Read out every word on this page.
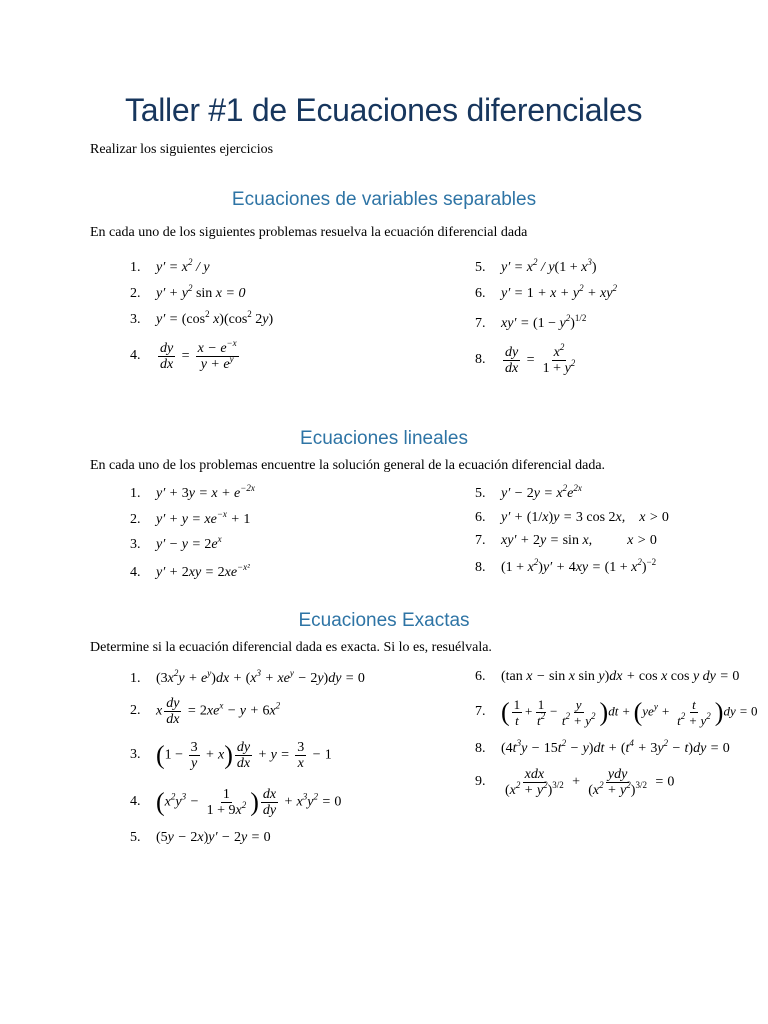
Taller #1 de Ecuaciones diferenciales
Realizar los siguientes ejercicios
Ecuaciones de variables separables
En cada uno de los siguientes problemas resuelva la ecuación diferencial dada
1.	$y' = x^2 / y$
2.	$y' + y^2$ sin x = 0
3.	$y' = (\cos^2$ $x)(\cos^2$ 2y)
4.	$\frac{dy}{dx} = \frac{x - e^{-x}}{y + e^y}$
5.	$y' = x^2 / y(1 + x^3)$
6.	$y' = 1 + x + y^2 + xy^2$
7.	$xy' = (1 - y^2)^{1/2}$
8.	$\frac{dy}{dx} = \frac{x^2}{1 + y^2}$
Ecuaciones lineales
En cada uno de los problemas encuentre la solución general de la ecuación diferencial dada.
1.	$y' + 3y = x + e^{-2x}$
2.	$y' + y = xe^{-x} + 1$
3.	$y' - y = 2e^x$
4.	$y' + 2xy = 2xe^{-x^2}$
5.	$y' - 2y = x^2e^{2x}$
6.	y′ + (1/x)y = 3 cos 2x,    x > 0
7.	xy′ + 2y = sin x,          x > 0
8.	$(1 + x^2)y' + 4xy = (1 + x^2)^{-2}$
Ecuaciones Exactas
Determine si la ecuación diferencial dada es exacta. Si lo es, resuélvala.
1.	$(3x^2y + e^y)dx + (x^3 + xe^y - 2y)dy = 0$
2.	x $\frac{dy}{dx} = 2xe^x - y + 6x^2$
3. $(1 - \frac{3}{y} + x) \frac{dy}{dx} + y = \frac{3}{x} - 1$
4. ($x^2y^3 - \frac{1}{1 + 9x^2}$ ) $\frac{dx}{dy} + x^3y^2 = 0$
5.	(5y − 2x)y′ − 2y = 0
6.	(tan x − sin x sin y)dx + cos x cos y dy = 0
7. ( $\frac{1}{t} + \frac{1}{t^2} - \frac{y}{t^2 + y^2} )dt + (ye^y + \frac{t}{t^2 + y^2} )dy = 0$
8.	$(4t^3y - 15t^2 - y)dt + (t^4 + 3y^2 - t)dy = 0$
9.	$\frac{\text{xdx}}{(x^2 + y^2)^{3/2}} + \frac{\text{ydy}}{(x^2 + y^2)^{3/2}} = 0$
